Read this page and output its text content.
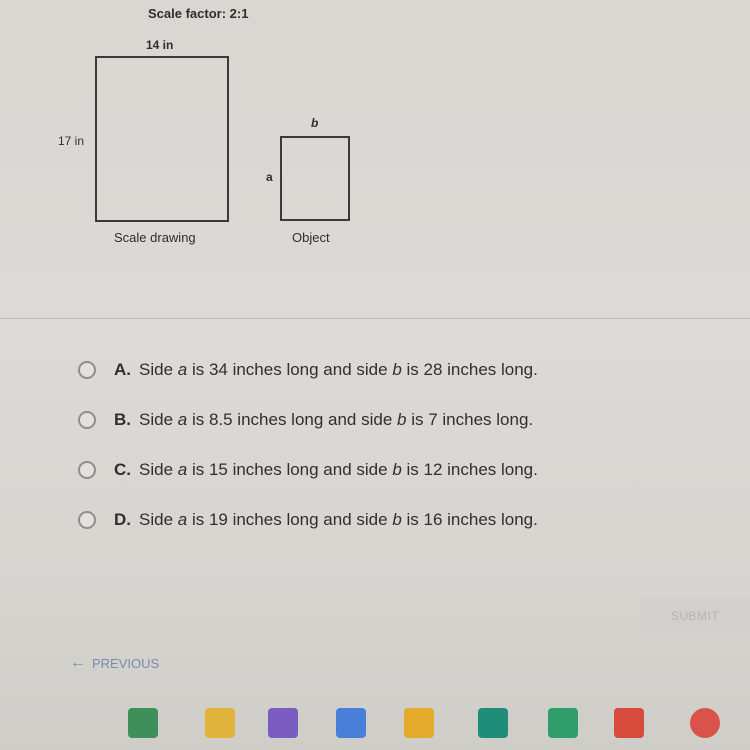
Scale factor: 2:1
14 in
17 in
Scale drawing
b
a
Object
A. Side a is 34 inches long and side b is 28 inches long.
B. Side a is 8.5 inches long and side b is 7 inches long.
C. Side a is 15 inches long and side b is 12 inches long.
D. Side a is 19 inches long and side b is 16 inches long.
SUBMIT
← PREVIOUS
